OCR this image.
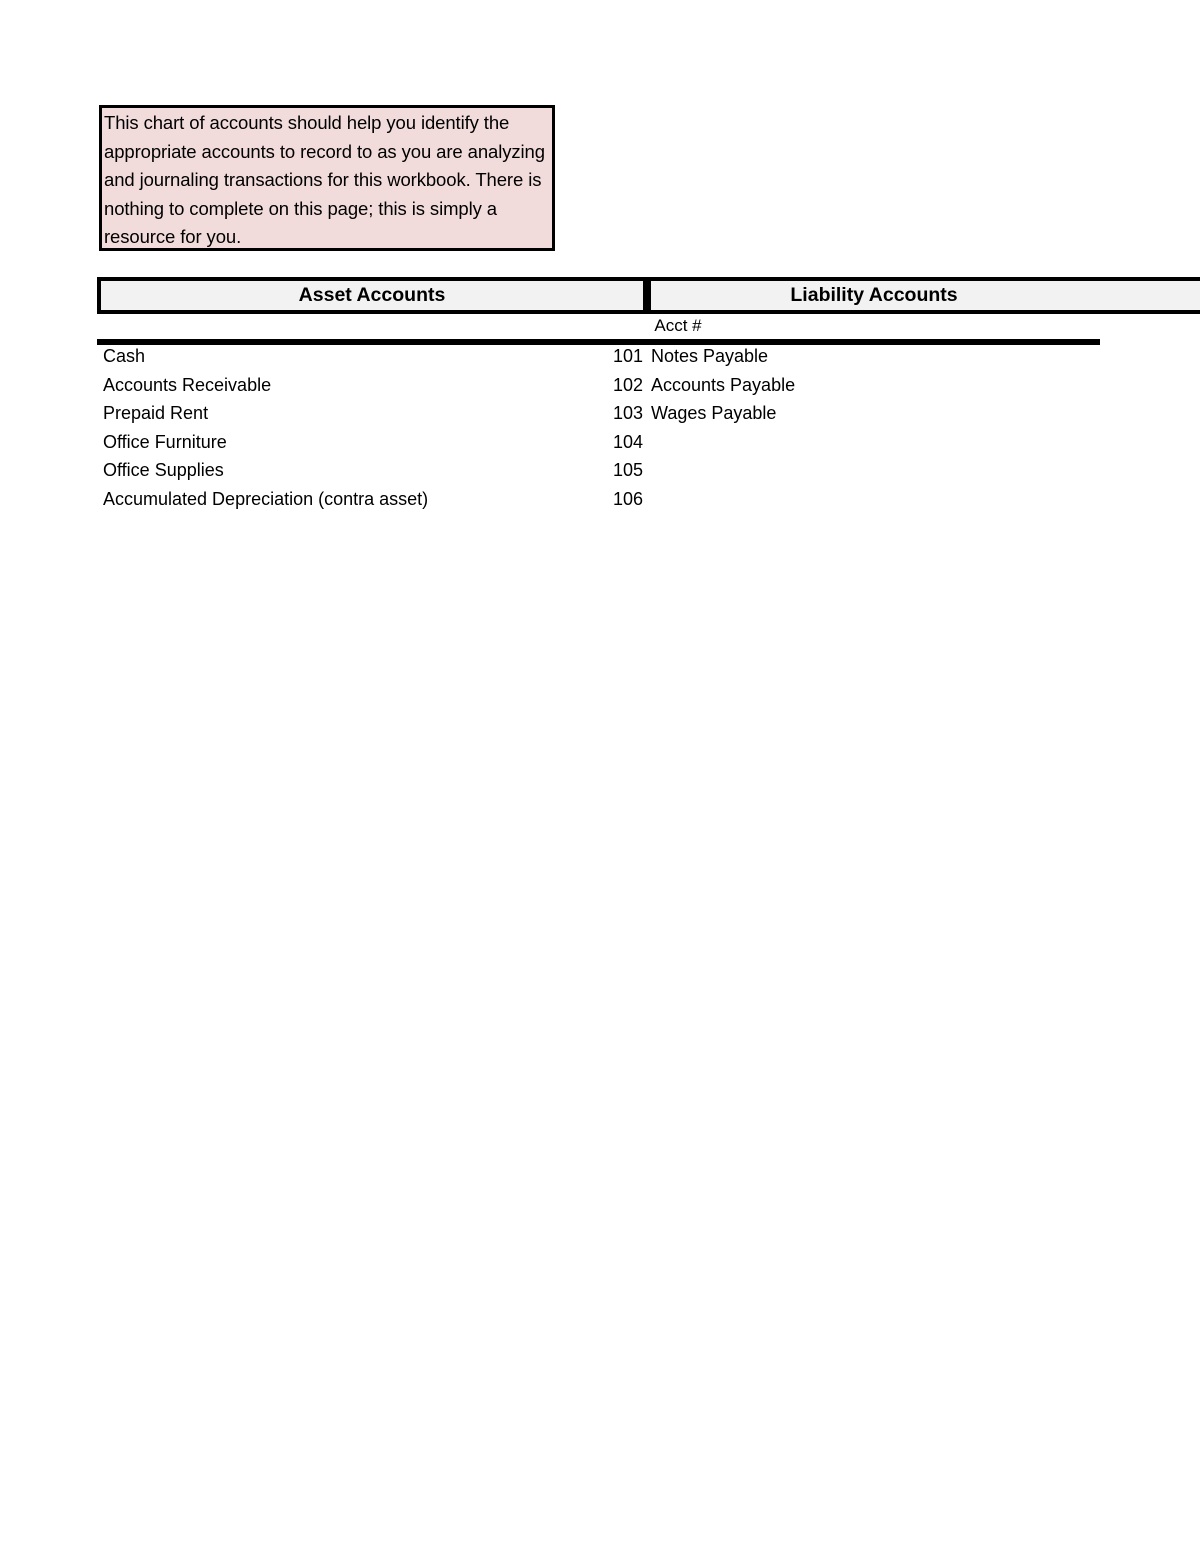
This chart of accounts should help you identify the appropriate accounts to record to as you are analyzing and journaling transactions for this workbook. There is nothing to complete on this page; this is simply a resource for you.

Asset Accounts	Liability Accounts
Acct #
Cash	101 Notes Payable
Accounts Receivable	102 Accounts Payable
Prepaid Rent	103 Wages Payable
Office Furniture	104
Office Supplies	105
Accumulated Depreciation (contra asset)	106
